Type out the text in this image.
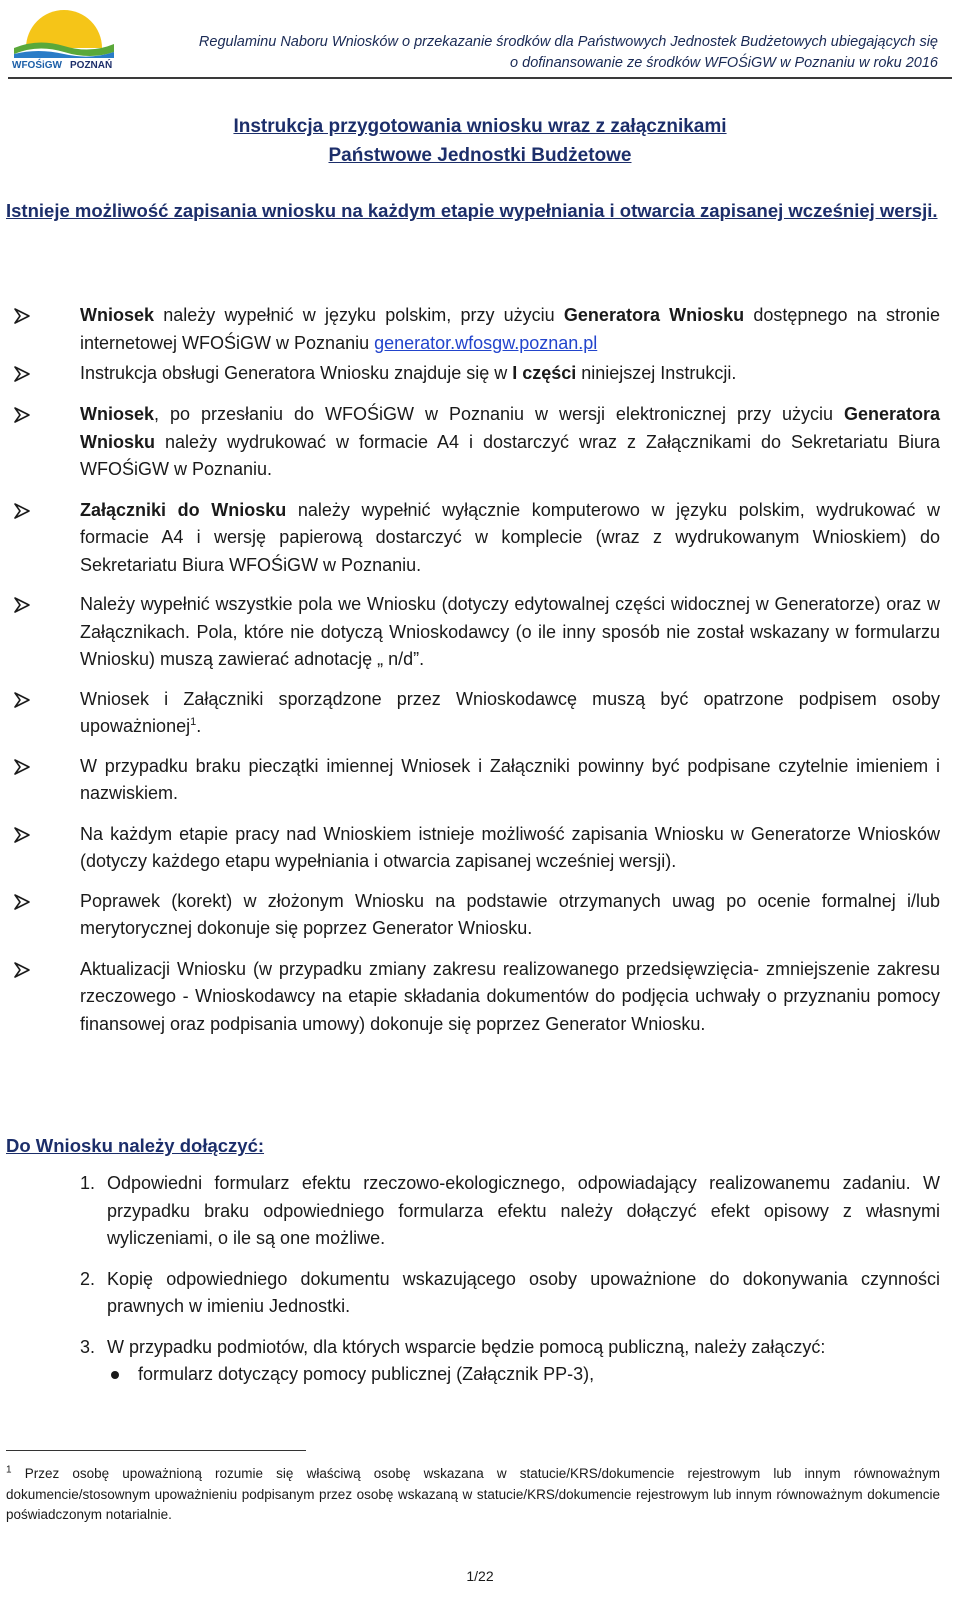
WFOŚiGW POZNAŃ
Regulaminu Naboru Wniosków o przekazanie środków dla Państwowych Jednostek Budżetowych ubiegających się
o dofinansowanie ze środków WFOŚiGW w Poznaniu w roku 2016
Instrukcja przygotowania wniosku wraz z załącznikami
Państwowe Jednostki Budżetowe
Istnieje możliwość zapisania wniosku na każdym etapie wypełniania i otwarcia zapisanej wcześniej wersji.
Wniosek należy wypełnić w języku polskim, przy użyciu Generatora Wniosku dostępnego na stronie internetowej WFOŚiGW w Poznaniu generator.wfosgw.poznan.pl
Instrukcja obsługi Generatora Wniosku znajduje się w I części niniejszej Instrukcji.
Wniosek, po przesłaniu do WFOŚiGW w Poznaniu w wersji elektronicznej przy użyciu Generatora Wniosku należy wydrukować w formacie A4 i dostarczyć wraz z Załącznikami do Sekretariatu Biura WFOŚiGW w Poznaniu.
Załączniki do Wniosku należy wypełnić wyłącznie komputerowo w języku polskim, wydrukować w formacie A4 i wersję papierową dostarczyć w komplecie (wraz z wydrukowanym Wnioskiem) do Sekretariatu Biura WFOŚiGW w Poznaniu.
Należy wypełnić wszystkie pola we Wniosku (dotyczy edytowalnej części widocznej w Generatorze) oraz w Załącznikach. Pola, które nie dotyczą Wnioskodawcy (o ile inny sposób nie został wskazany w formularzu Wniosku) muszą zawierać adnotację „ n/d”.
Wniosek i Załączniki sporządzone przez Wnioskodawcę muszą być opatrzone podpisem osoby upoważnionej$^1$.
W przypadku braku pieczątki imiennej Wniosek i Załączniki powinny być podpisane czytelnie imieniem i nazwiskiem.
Na każdym etapie pracy nad Wnioskiem istnieje możliwość zapisania Wniosku w Generatorze Wniosków (dotyczy każdego etapu wypełniania i otwarcia zapisanej wcześniej wersji).
Poprawek (korekt) w złożonym Wniosku na podstawie otrzymanych uwag po ocenie formalnej i/lub merytorycznej dokonuje się poprzez Generator Wniosku.
Aktualizacji Wniosku (w przypadku zmiany zakresu realizowanego przedsięwzięcia- zmniejszenie zakresu rzeczowego - Wnioskodawcy na etapie składania dokumentów do podjęcia uchwały o przyznaniu pomocy finansowej oraz podpisania umowy) dokonuje się poprzez Generator Wniosku.
Do Wniosku należy dołączyć:
1. Odpowiedni formularz efektu rzeczowo-ekologicznego, odpowiadający realizowanemu zadaniu. W przypadku braku odpowiedniego formularza efektu należy dołączyć efekt opisowy z własnymi wyliczeniami, o ile są one możliwe.
2. Kopię odpowiedniego dokumentu wskazującego osoby upoważnione do dokonywania czynności prawnych w imieniu Jednostki.
3. W przypadku podmiotów, dla których wsparcie będzie pomocą publiczną, należy załączyć:
formularz dotyczący pomocy publicznej (Załącznik PP-3),
$^1$ Przez osobę upoważnioną rozumie się właściwą osobę wskazana w statucie/KRS/dokumencie rejestrowym lub innym równoważnym dokumencie/stosownym upoważnieniu podpisanym przez osobę wskazaną w statucie/KRS/dokumencie rejestrowym lub innym równoważnym dokumencie poświadczonym notarialnie.
1/22
